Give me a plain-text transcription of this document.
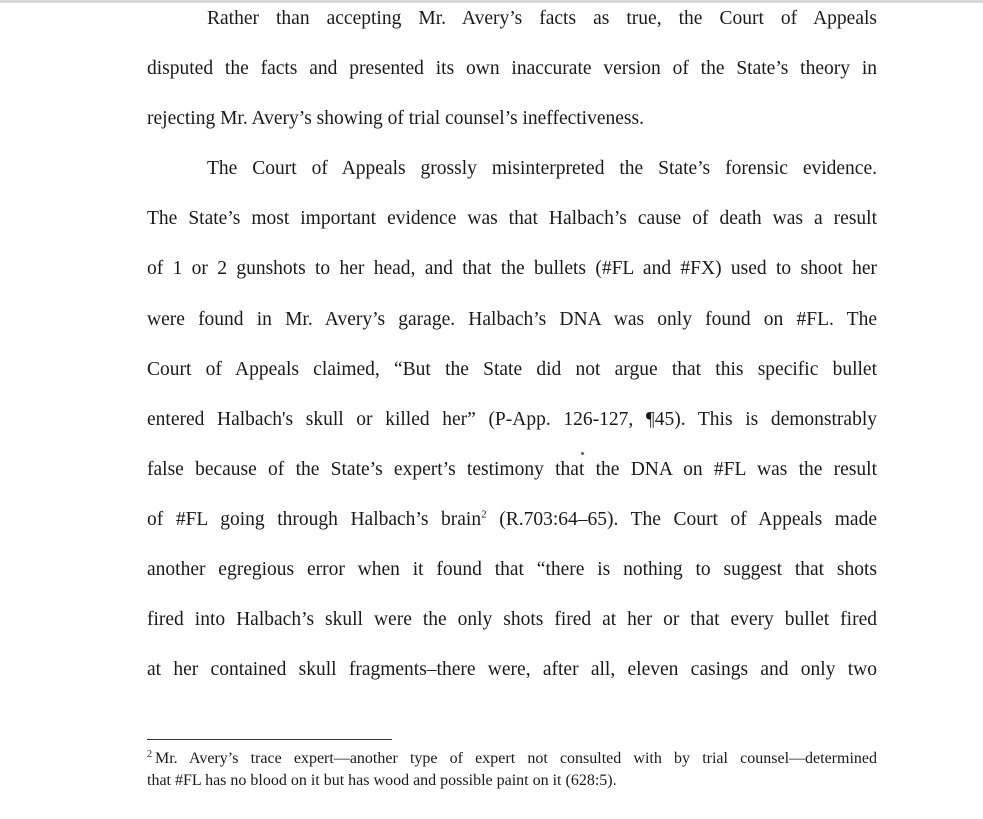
Rather than accepting Mr. Avery’s facts as true, the Court of Appeals
disputed the facts and presented its own inaccurate version of the State’s theory in
rejecting Mr. Avery’s showing of trial counsel’s ineffectiveness.
The Court of Appeals grossly misinterpreted the State’s forensic evidence.
The State’s most important evidence was that Halbach’s cause of death was a result
of 1 or 2 gunshots to her head, and that the bullets (#FL and #FX) used to shoot her
were found in Mr. Avery’s garage. Halbach’s DNA was only found on #FL. The
Court of Appeals claimed, “But the State did not argue that this specific bullet
entered Halbach's skull or killed her” (P-App. 126-127, ¶45). This is demonstrably
false because of the State’s expert’s testimony that the DNA on #FL was the result
of #FL going through Halbach’s brain$^2$ (R.703:64–65). The Court of Appeals made
another egregious error when it found that “there is nothing to suggest that shots
fired into Halbach’s skull were the only shots fired at her or that every bullet fired
at her contained skull fragments–there were, after all, eleven casings and only two
$^2$ Mr. Avery’s trace expert—another type of expert not consulted with by trial counsel—determined
that #FL has no blood on it but has wood and possible paint on it (628:5).
